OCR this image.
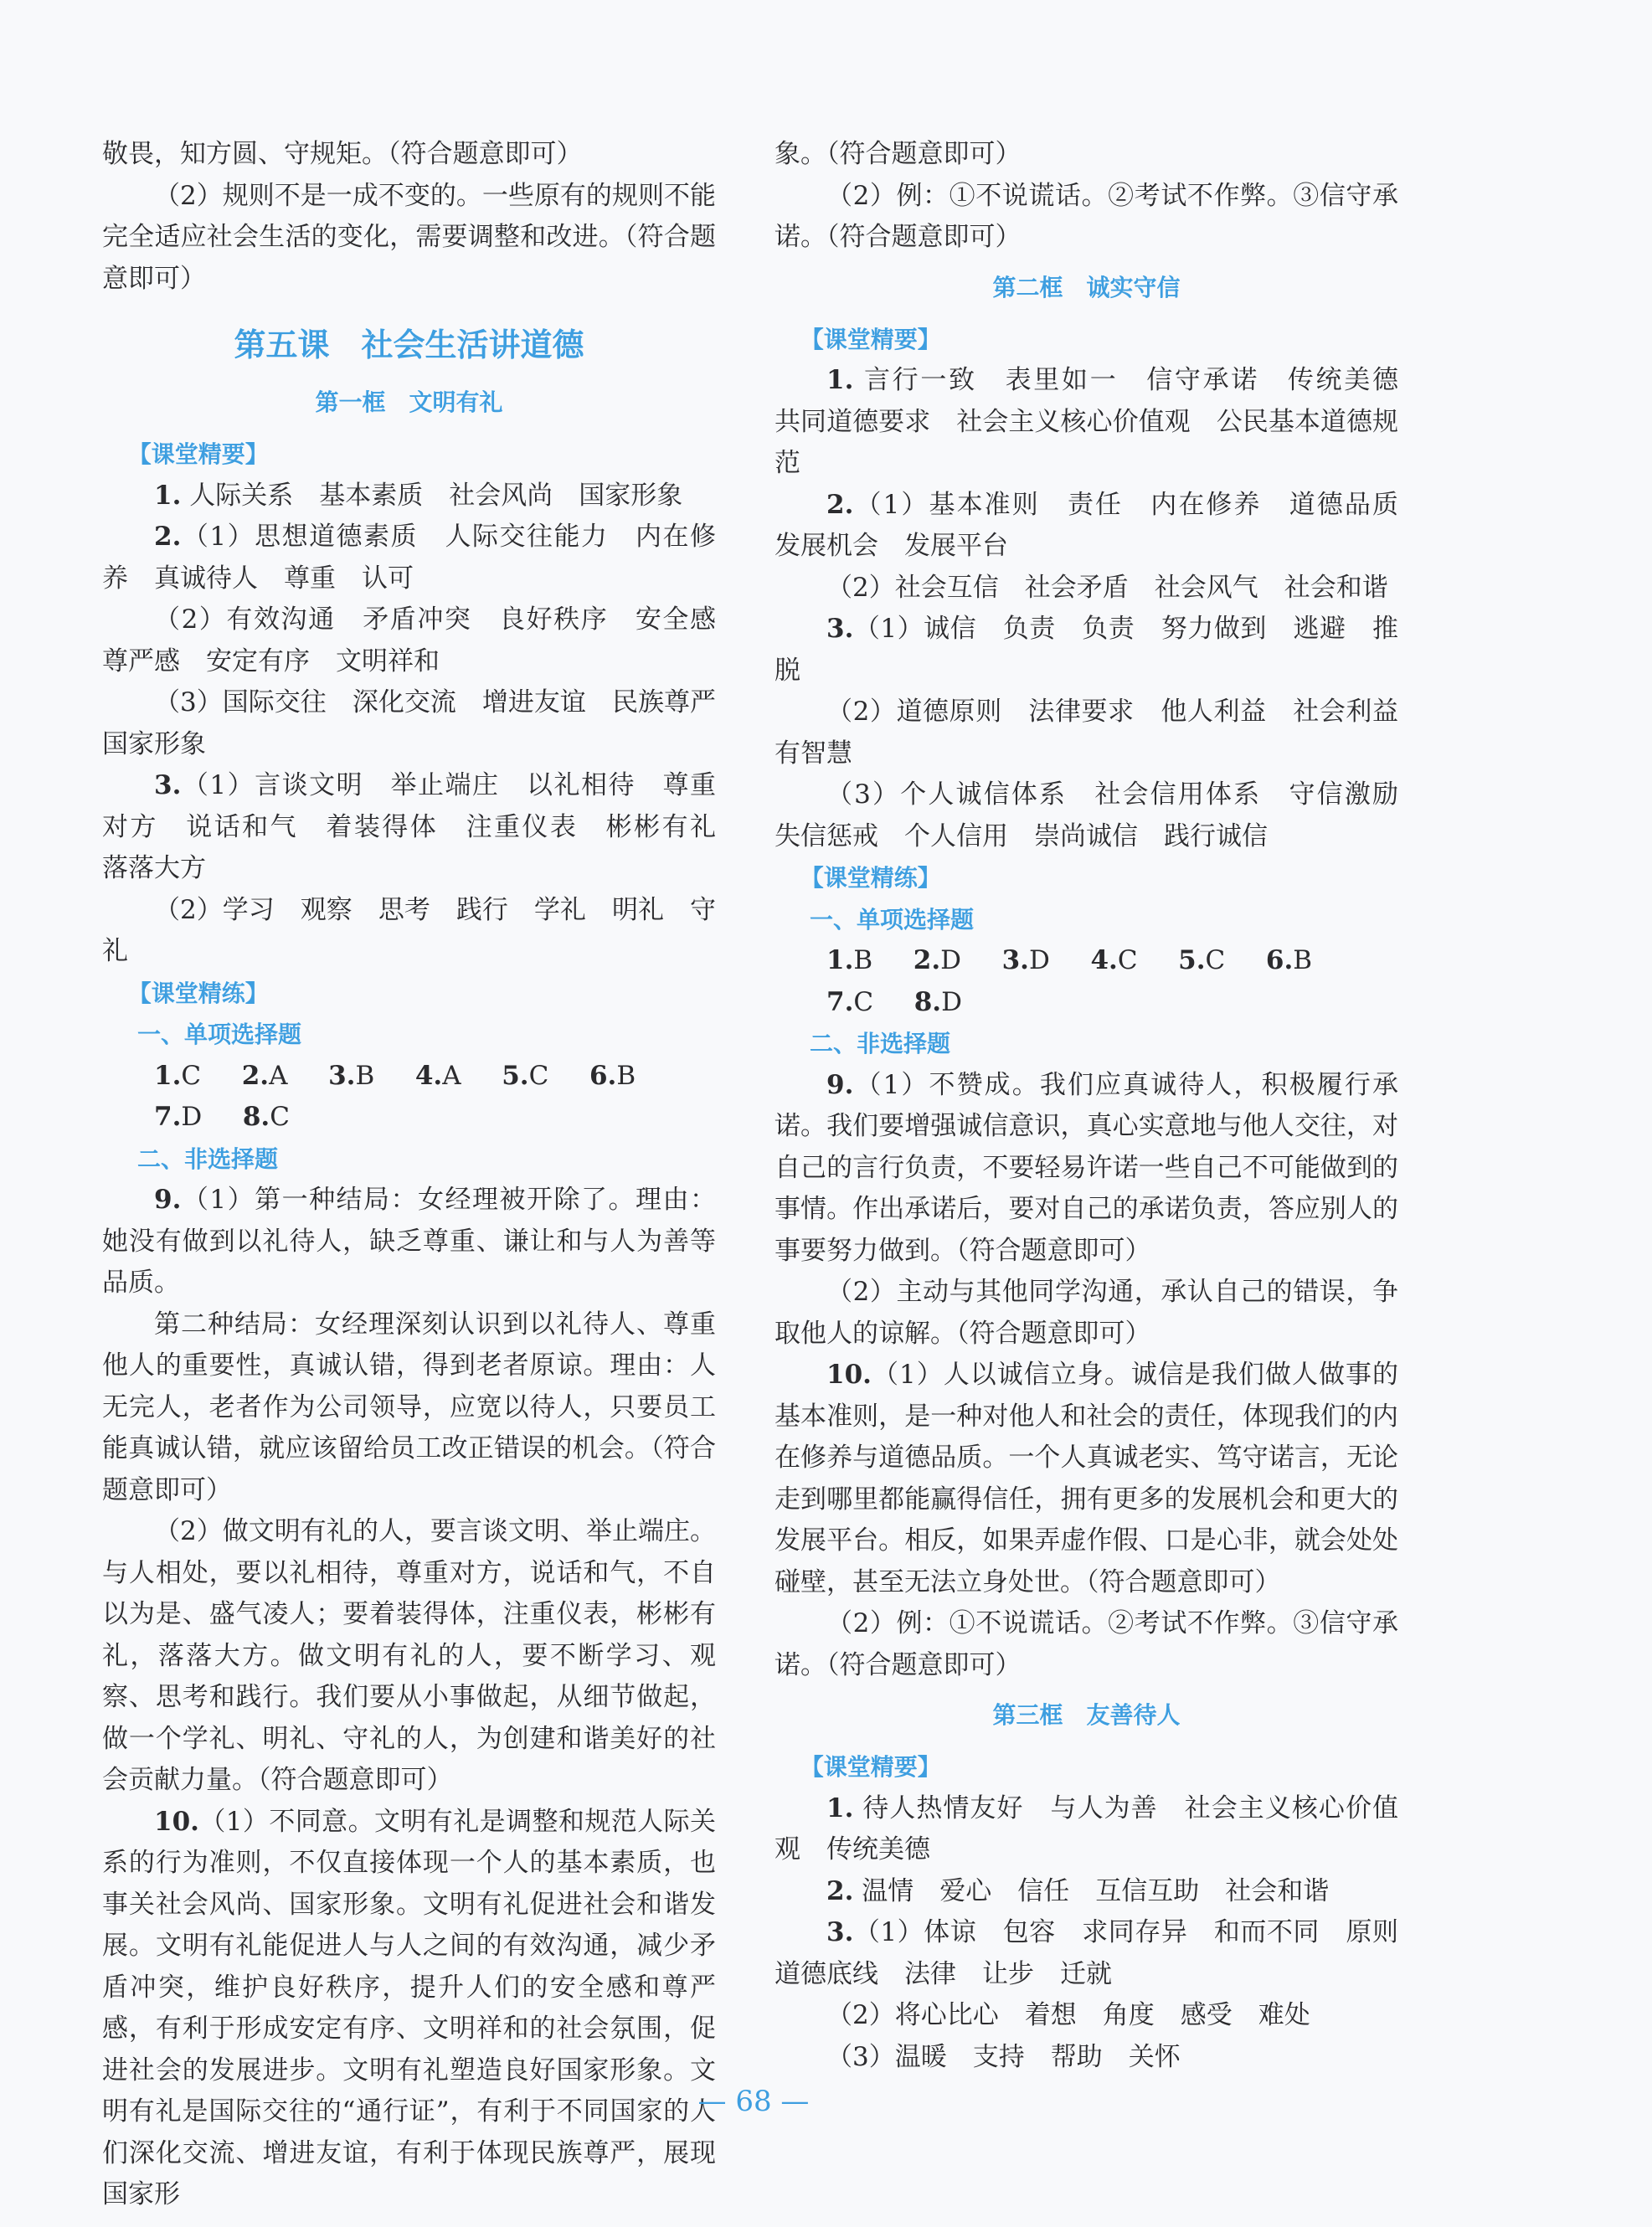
敬畏，知方圆、守规矩。（符合题意即可）

（2）规则不是一成不变的。一些原有的规则不能完全适应社会生活的变化，需要调整和改进。（符合题意即可）

第五课　社会生活讲道德
第一框　文明有礼
【课堂精要】

1. 人际关系　基本素质　社会风尚　国家形象

2.（1）思想道德素质　人际交往能力　内在修养　真诚待人　尊重　认可

（2）有效沟通　矛盾冲突　良好秩序　安全感　尊严感　安定有序　文明祥和

（3）国际交往　深化交流　增进友谊　民族尊严　国家形象

3.（1）言谈文明　举止端庄　以礼相待　尊重对方　说话和气　着装得体　注重仪表　彬彬有礼　落落大方

（2）学习　观察　思考　践行　学礼　明礼　守礼

【课堂精练】
一、单项选择题
1.C 2.A 3.B 4.A 5.C 6.B 7.D 8.C
二、非选择题

9.（1）第一种结局：女经理被开除了。理由：她没有做到以礼待人，缺乏尊重、谦让和与人为善等品质。

第二种结局：女经理深刻认识到以礼待人、尊重他人的重要性，真诚认错，得到老者原谅。理由：人无完人，老者作为公司领导，应宽以待人，只要员工能真诚认错，就应该留给员工改正错误的机会。（符合题意即可）

（2）做文明有礼的人，要言谈文明、举止端庄。与人相处，要以礼相待，尊重对方，说话和气，不自以为是、盛气凌人；要着装得体，注重仪表，彬彬有礼，落落大方。做文明有礼的人，要不断学习、观察、思考和践行。我们要从小事做起，从细节做起，做一个学礼、明礼、守礼的人，为创建和谐美好的社会贡献力量。（符合题意即可）

10.（1）不同意。文明有礼是调整和规范人际关系的行为准则，不仅直接体现一个人的基本素质，也事关社会风尚、国家形象。文明有礼促进社会和谐发展。文明有礼能促进人与人之间的有效沟通，减少矛盾冲突，维护良好秩序，提升人们的安全感和尊严感，有利于形成安定有序、文明祥和的社会氛围，促进社会的发展进步。文明有礼塑造良好国家形象。文明有礼是国际交往的“通行证”，有利于不同国家的人们深化交流、增进友谊，有利于体现民族尊严，展现国家形

象。（符合题意即可）

（2）例：①不说谎话。②考试不作弊。③信守承诺。（符合题意即可）

第二框　诚实守信
【课堂精要】

1. 言行一致　表里如一　信守承诺　传统美德　共同道德要求　社会主义核心价值观　公民基本道德规范

2.（1）基本准则　责任　内在修养　道德品质　发展机会　发展平台

（2）社会互信　社会矛盾　社会风气　社会和谐

3.（1）诚信　负责　负责　努力做到　逃避　推脱

（2）道德原则　法律要求　他人利益　社会利益　有智慧

（3）个人诚信体系　社会信用体系　守信激励　失信惩戒　个人信用　崇尚诚信　践行诚信

【课堂精练】
一、单项选择题
1.B 2.D 3.D 4.C 5.C 6.B 7.C 8.D
二、非选择题

9.（1）不赞成。我们应真诚待人，积极履行承诺。我们要增强诚信意识，真心实意地与他人交往，对自己的言行负责，不要轻易许诺一些自己不可能做到的事情。作出承诺后，要对自己的承诺负责，答应别人的事要努力做到。（符合题意即可）

（2）主动与其他同学沟通，承认自己的错误，争取他人的谅解。（符合题意即可）

10.（1）人以诚信立身。诚信是我们做人做事的基本准则，是一种对他人和社会的责任，体现我们的内在修养与道德品质。一个人真诚老实、笃守诺言，无论走到哪里都能赢得信任，拥有更多的发展机会和更大的发展平台。相反，如果弄虚作假、口是心非，就会处处碰壁，甚至无法立身处世。（符合题意即可）

（2）例：①不说谎话。②考试不作弊。③信守承诺。（符合题意即可）

第三框　友善待人
【课堂精要】

1. 待人热情友好　与人为善　社会主义核心价值观　传统美德

2. 温情　爱心　信任　互信互助　社会和谐

3.（1）体谅　包容　求同存异　和而不同　原则　道德底线　法律　让步　迁就

（2）将心比心　着想　角度　感受　难处

（3）温暖　支持　帮助　关怀

— 68 —
